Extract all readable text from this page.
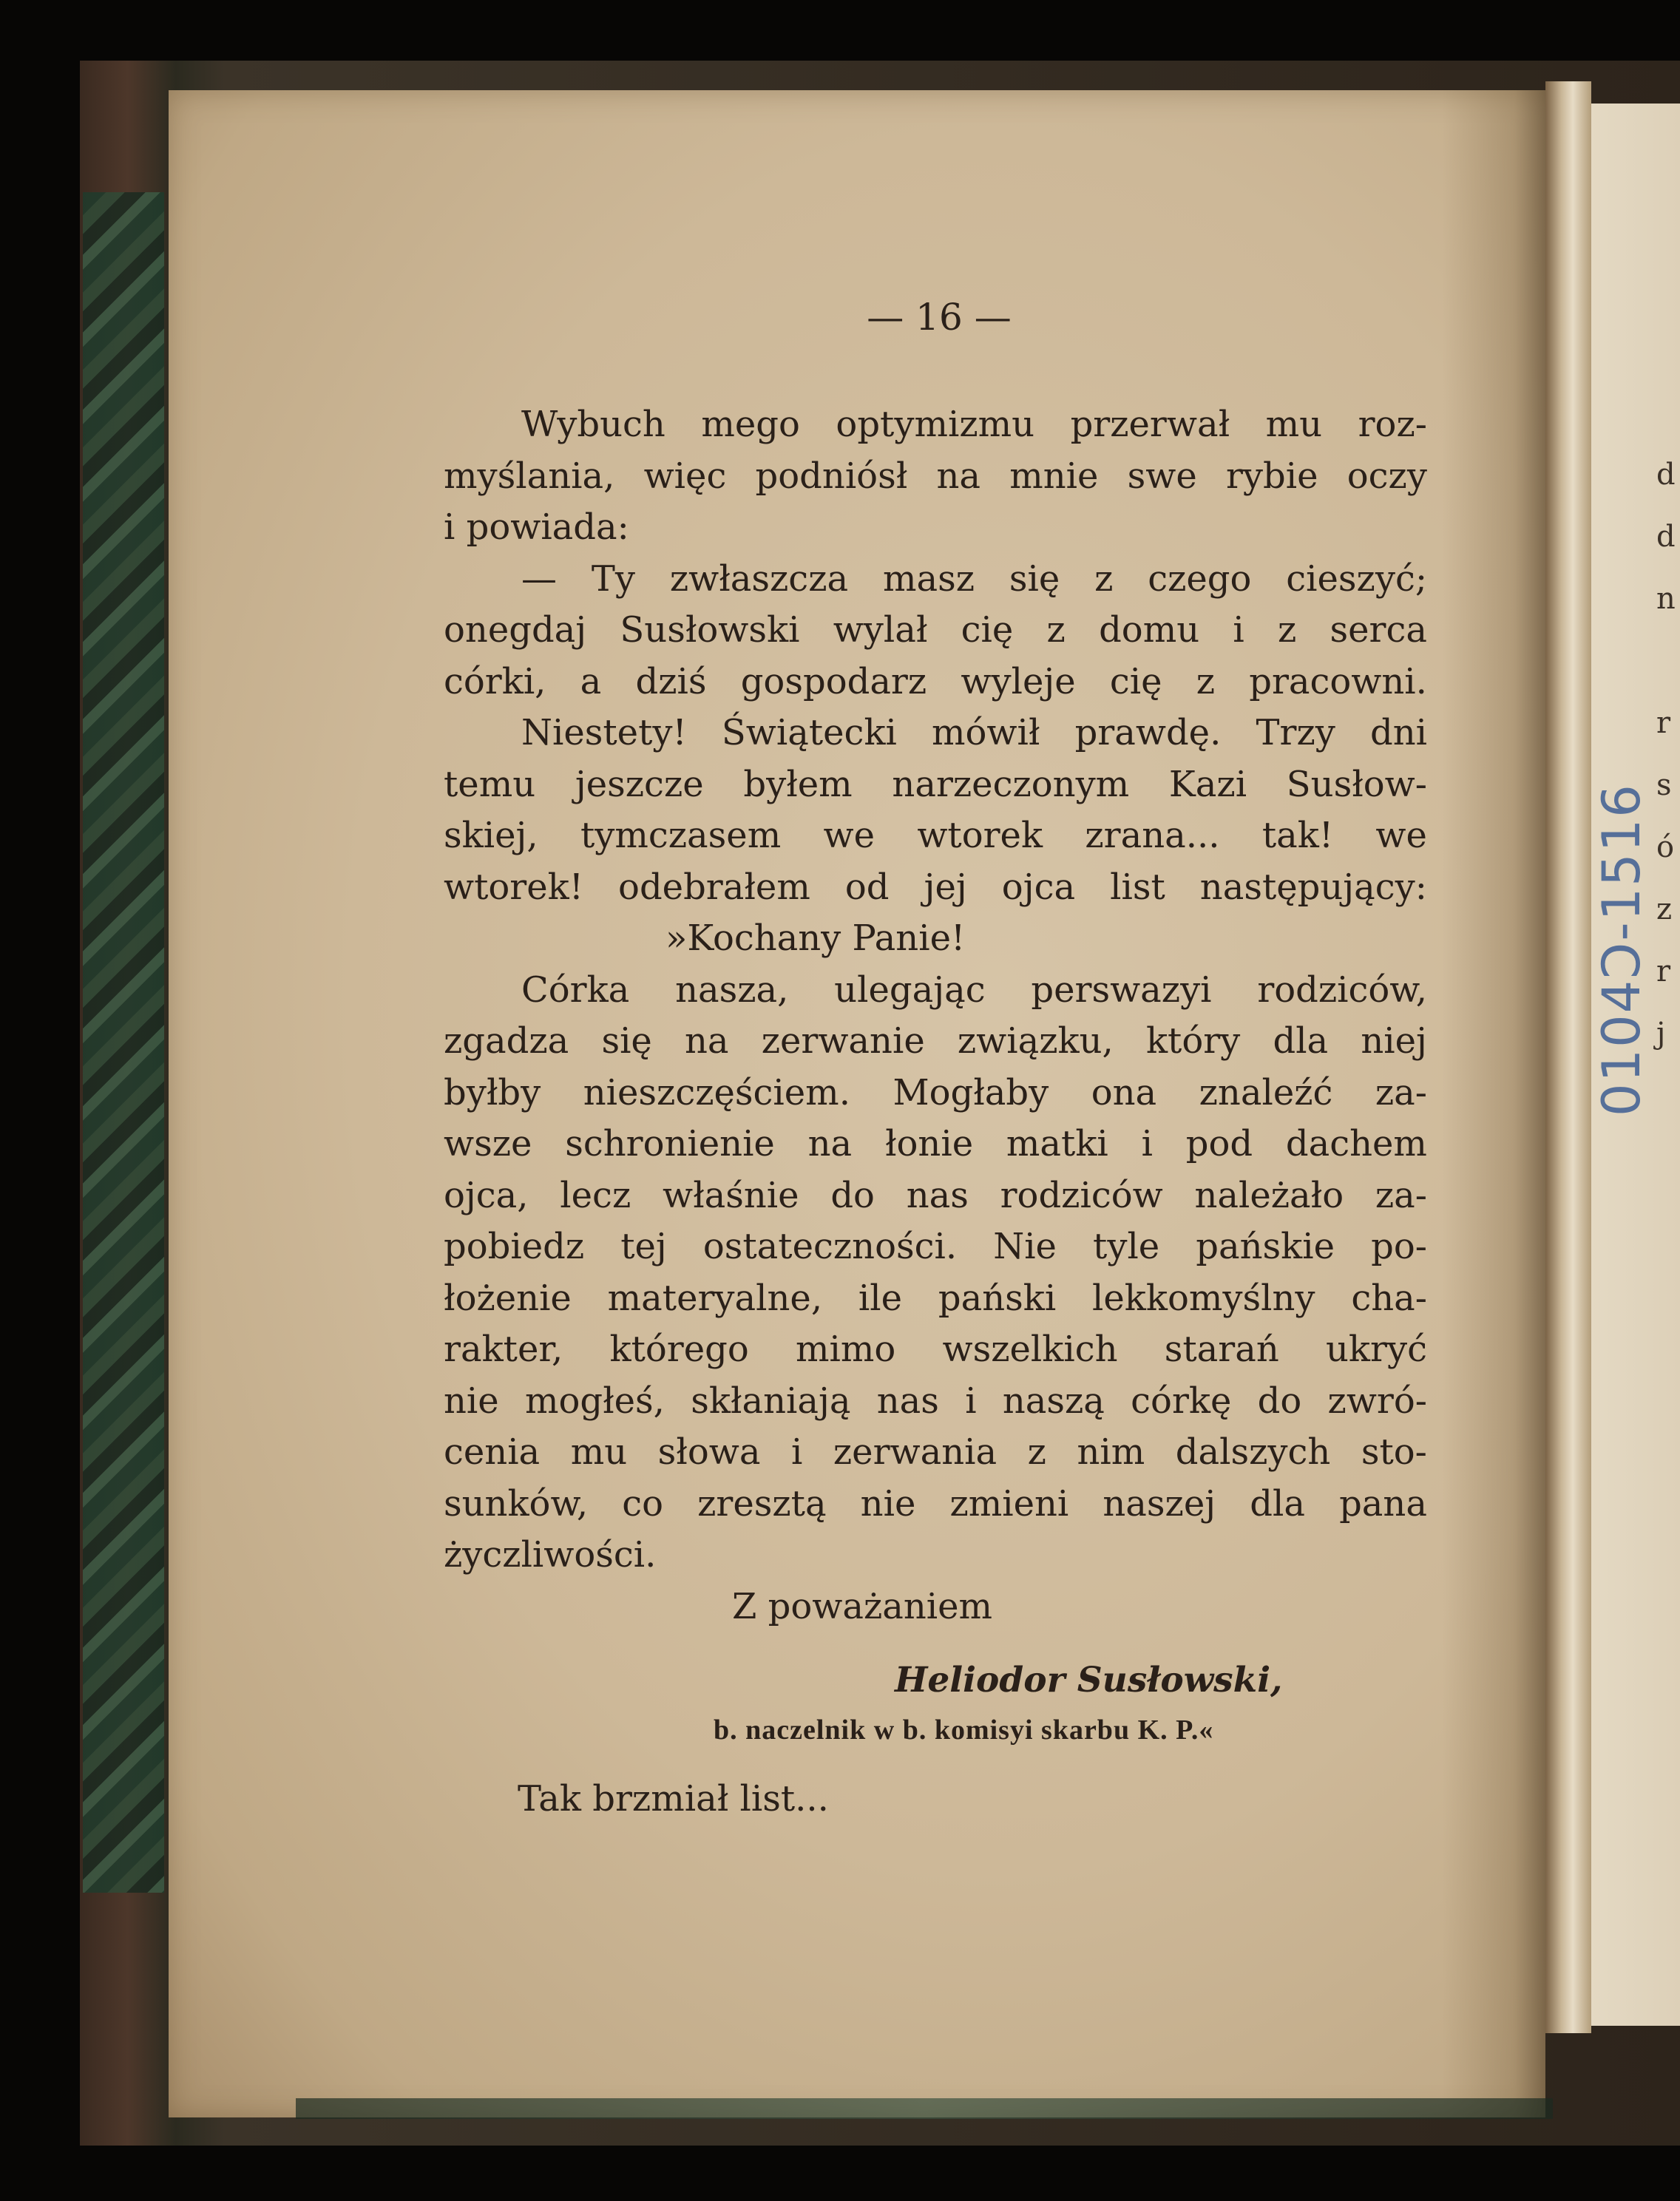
— 16 —
Wybuch mego optymizmu przerwał mu roz-
myślania, więc podniósł na mnie swe rybie oczy
i powiada:
— Ty zwłaszcza masz się z czego cieszyć;
onegdaj Susłowski wylał cię z domu i z serca
córki, a dziś gospodarz wyleje cię z pracowni.
Niestety! Świątecki mówił prawdę. Trzy dni
temu jeszcze byłem narzeczonym Kazi Susłow-
skiej, tymczasem we wtorek zrana... tak! we
wtorek! odebrałem od jej ojca list następujący:
»Kochany Panie!
Córka nasza, ulegając perswazyi rodziców,
zgadza się na zerwanie związku, który dla niej
byłby nieszczęściem. Mogłaby ona znaleźć za-
wsze schronienie na łonie matki i pod dachem
ojca, lecz właśnie do nas rodziców należało za-
pobiedz tej ostateczności. Nie tyle pańskie po-
łożenie materyalne, ile pański lekkomyślny cha-
rakter, którego mimo wszelkich starań ukryć
nie mogłeś, skłaniają nas i naszą córkę do zwró-
cenia mu słowa i zerwania z nim dalszych sto-
sunków, co zresztą nie zmieni naszej dla pana
życzliwości.
Z poważaniem
Heliodor Susłowski,
b. naczelnik w b. komisyi skarbu K. P.«
Tak brzmiał list...
d
d
n
r
s
ó
z
r
j
0104Ͻ-1516
